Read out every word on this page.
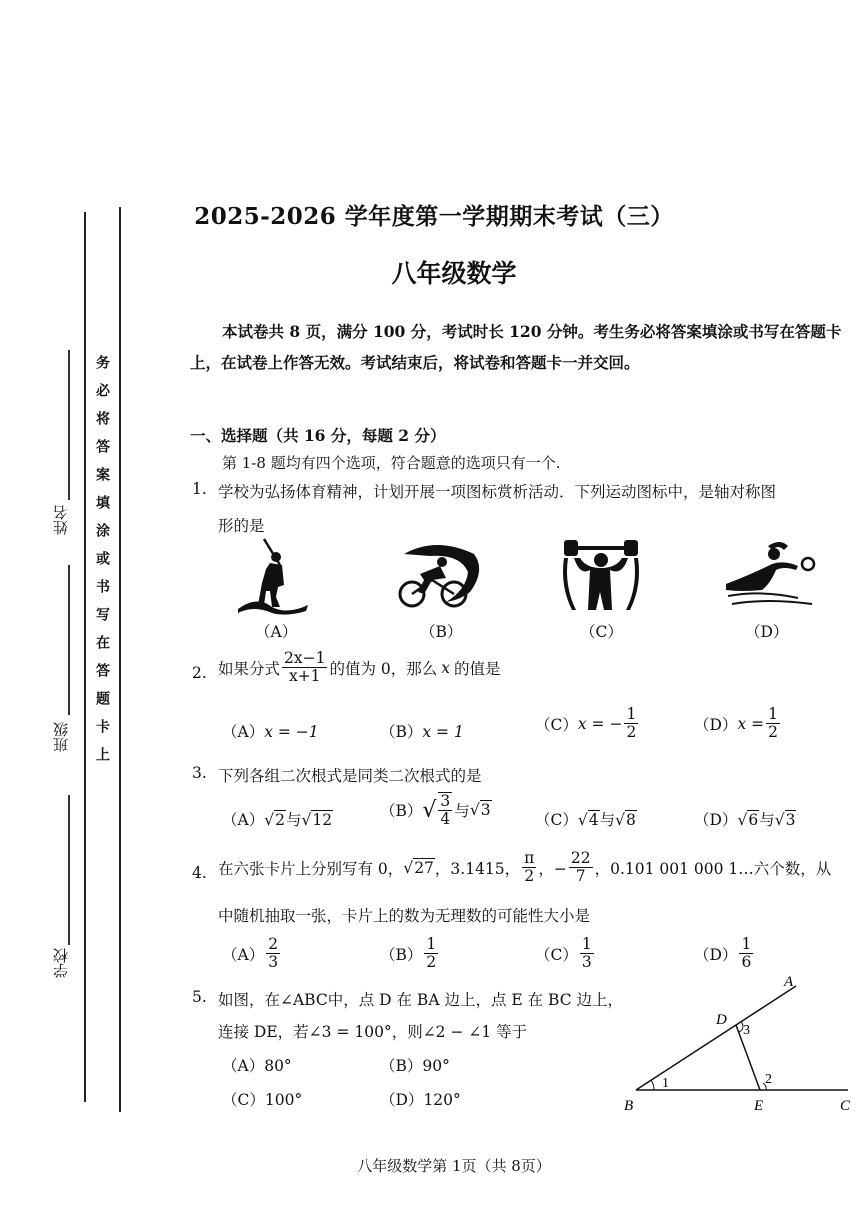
务必将答案填涂或书写在答题卡上
姓名
班级
学校
2025-2026 学年度第一学期期末考试（三）
八年级数学
本试卷共 8 页，满分 100 分，考试时长 120 分钟。考生务必将答案填涂或书写在答题卡上，在试卷上作答无效。考试结束后，将试卷和答题卡一并交回。
一、选择题（共 16 分，每题 2 分）
第 1-8 题均有四个选项，符合题意的选项只有一个.
1. 学校为弘扬体育精神，计划开展一项图标赏析活动．下列运动图标中，是轴对称图
形的是
（A）	（B）	（C）	（D）
2. 如果分式 $\frac{2x-1}{x+1}$ 的值为 0，那么 x 的值是
（A）x = −1	（B）x = 1	（C） x = − $\frac{1}{2}$	（D） $x = \frac{1}{2}$
3. 下列各组二次根式是同类二次根式的是
（A）√2与√12	（B） √ $\frac{3}{4}$ 与 √3
（C）√4与√8	（D）√6与√3
4. 在六张卡片上分别写有 0， √27 ，3.1415， $\frac{\pi}{2}$ ，− $\frac{22}{7}$ ，0.101 001 000 1…六个数，从
中随机抽取一张，卡片上的数为无理数的可能性大小是
$(A) \frac{2}{3}$	$(B) \frac{1}{2}$	$(C) \frac{1}{3}$	$(D) \frac{1}{6}$
5. 如图，在∠ABC中，点 D 在 BA 边上，点 E 在 BC 边上，
连接 DE，若∠3 = 100°，则∠2 − ∠1 等于
（A）80°	（B）90°
（C）100°	（D）120°
A
B	C
D
E
1	2
3
八年级数学第 1页（共 8页）
